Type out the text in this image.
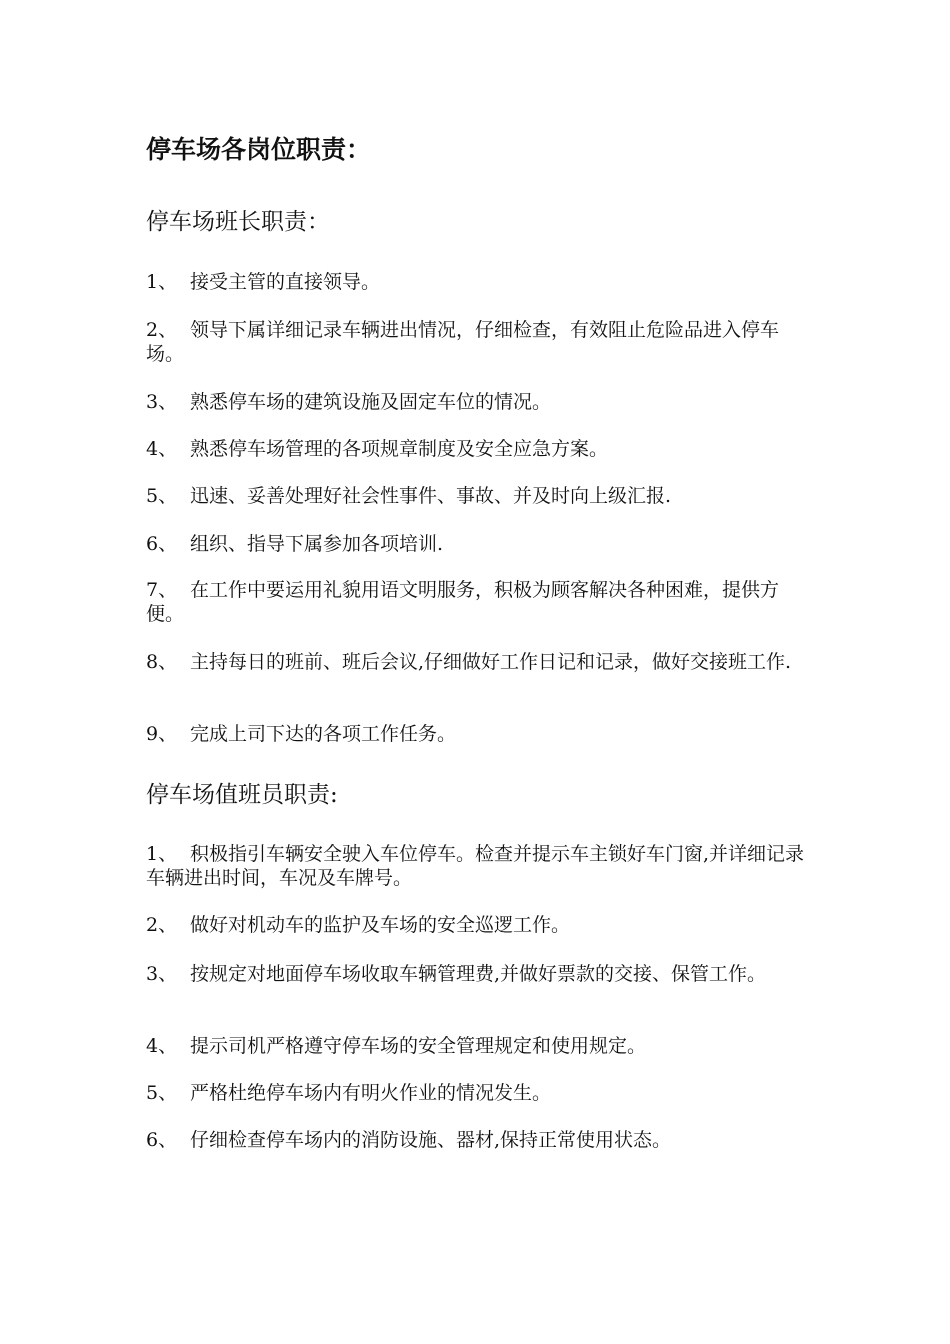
停车场各岗位职责：
停车场班长职责：

1、 接受主管的直接领导。

2、 领导下属详细记录车辆进出情况，仔细检查，有效阻止危险品进入停车场。

3、 熟悉停车场的建筑设施及固定车位的情况。

4、 熟悉停车场管理的各项规章制度及安全应急方案。

5、 迅速、妥善处理好社会性事件、事故、并及时向上级汇报.

6、 组织、指导下属参加各项培训.

7、 在工作中要运用礼貌用语文明服务，积极为顾客解决各种困难，提供方便。

8、 主持每日的班前、班后会议,仔细做好工作日记和记录，做好交接班工作.

9、 完成上司下达的各项工作任务。

停车场值班员职责:

1、 积极指引车辆安全驶入车位停车。检查并提示车主锁好车门窗,并详细记录车辆进出时间，车况及车牌号。

2、 做好对机动车的监护及车场的安全巡逻工作。

3、 按规定对地面停车场收取车辆管理费,并做好票款的交接、保管工作。

4、 提示司机严格遵守停车场的安全管理规定和使用规定。

5、 严格杜绝停车场内有明火作业的情况发生。

6、 仔细检查停车场内的消防设施、器材,保持正常使用状态。
